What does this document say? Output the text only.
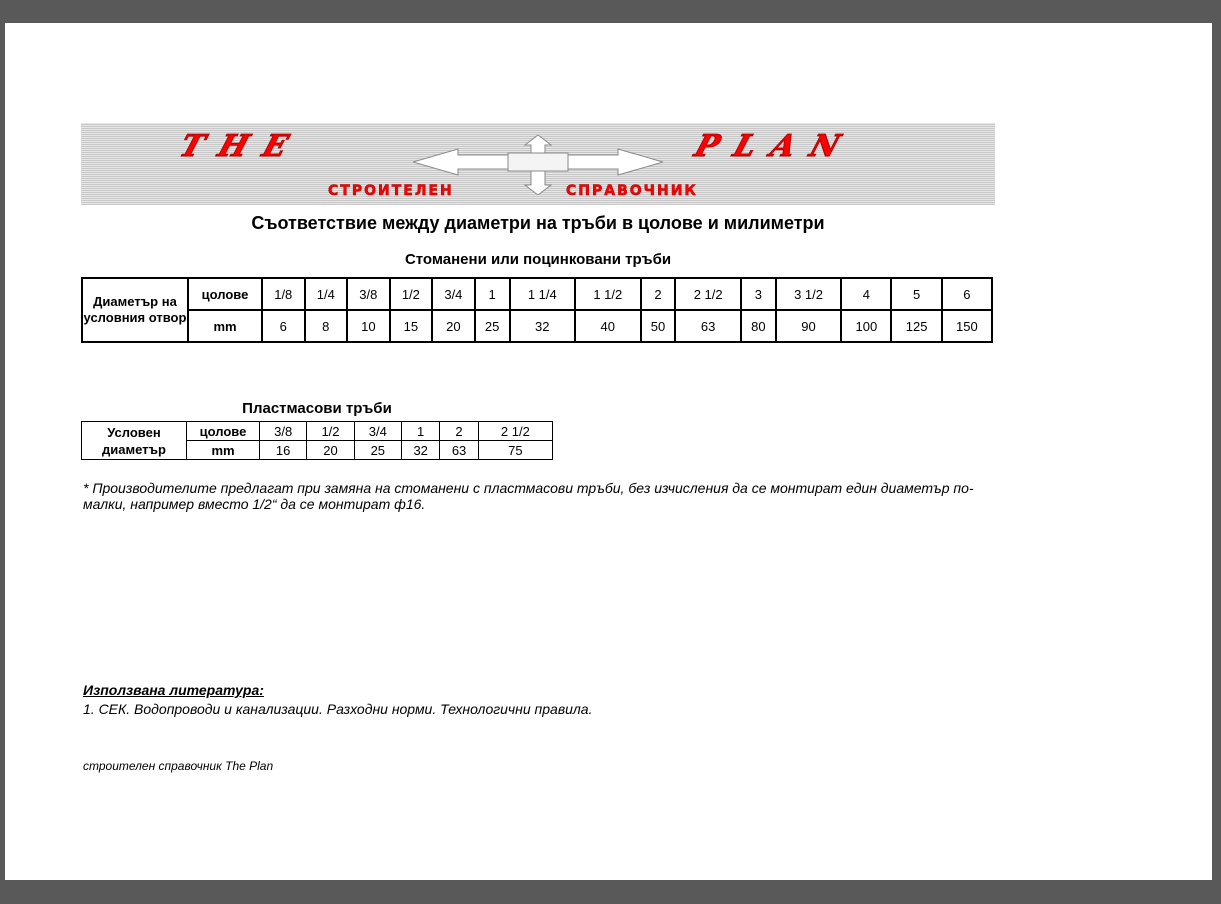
THE	PLAN
СТРОИТЕЛЕН	СПРАВОЧНИК
Съответствие между диаметри на тръби в цолове и милиметри
Стоманени или поцинковани тръби
Диаметър на условния отвор	цолове	1/8	1/4	3/8	1/2	3/4	1	1 1/4	1 1/2	2	2 1/2	3	3 1/2	4	5	6
	mm	6	8	10	15	20	25	32	40	50	63	80	90	100	125	150
Пластмасови тръби
Условен диаметър	цолове	3/8	1/2	3/4	1	2	2 1/2
	mm	16	20	25	32	63	75
* Производителите предлагат при замяна на стоманени с пластмасови тръби, без изчисления да се монтират един диаметър по-малки, например вместо 1/2“ да се монтират ф16.
Използвана литература:
1. СЕК. Водопроводи и канализации. Разходни норми. Технологични правила.
строителен справочник The Plan
